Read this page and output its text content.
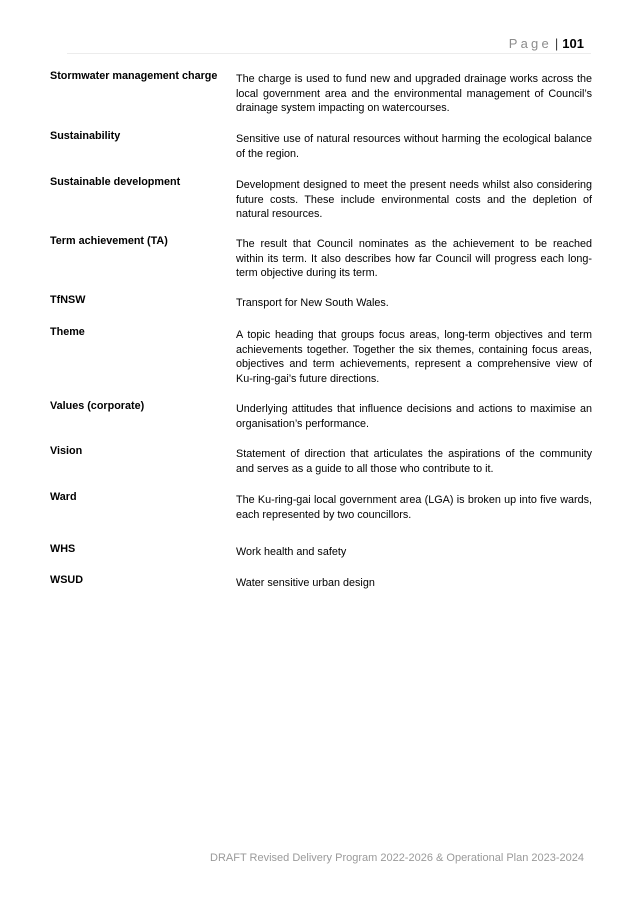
Page | 101
Stormwater management charge	The charge is used to fund new and upgraded drainage works across the local government area and the environmental management of Council’s drainage system impacting on watercourses.
Sustainability	Sensitive use of natural resources without harming the ecological balance of the region.
Sustainable development	Development designed to meet the present needs whilst also considering future costs. These include environmental costs and the depletion of natural resources.
Term achievement (TA)	The result that Council nominates as the achievement to be reached within its term. It also describes how far Council will progress each long-term objective during its term.
TfNSW	Transport for New South Wales.
Theme	A topic heading that groups focus areas, long-term objectives and term achievements together. Together the six themes, containing focus areas, objectives and term achievements, represent a comprehensive view of Ku-ring-gai’s future directions.
Values (corporate)	Underlying attitudes that influence decisions and actions to maximise an organisation’s performance.
Vision	Statement of direction that articulates the aspirations of the community and serves as a guide to all those who contribute to it.
Ward	The Ku-ring-gai local government area (LGA) is broken up into five wards, each represented by two councillors.
WHS	Work health and safety
WSUD	Water sensitive urban design
DRAFT Revised Delivery Program 2022-2026 & Operational Plan 2023-2024
